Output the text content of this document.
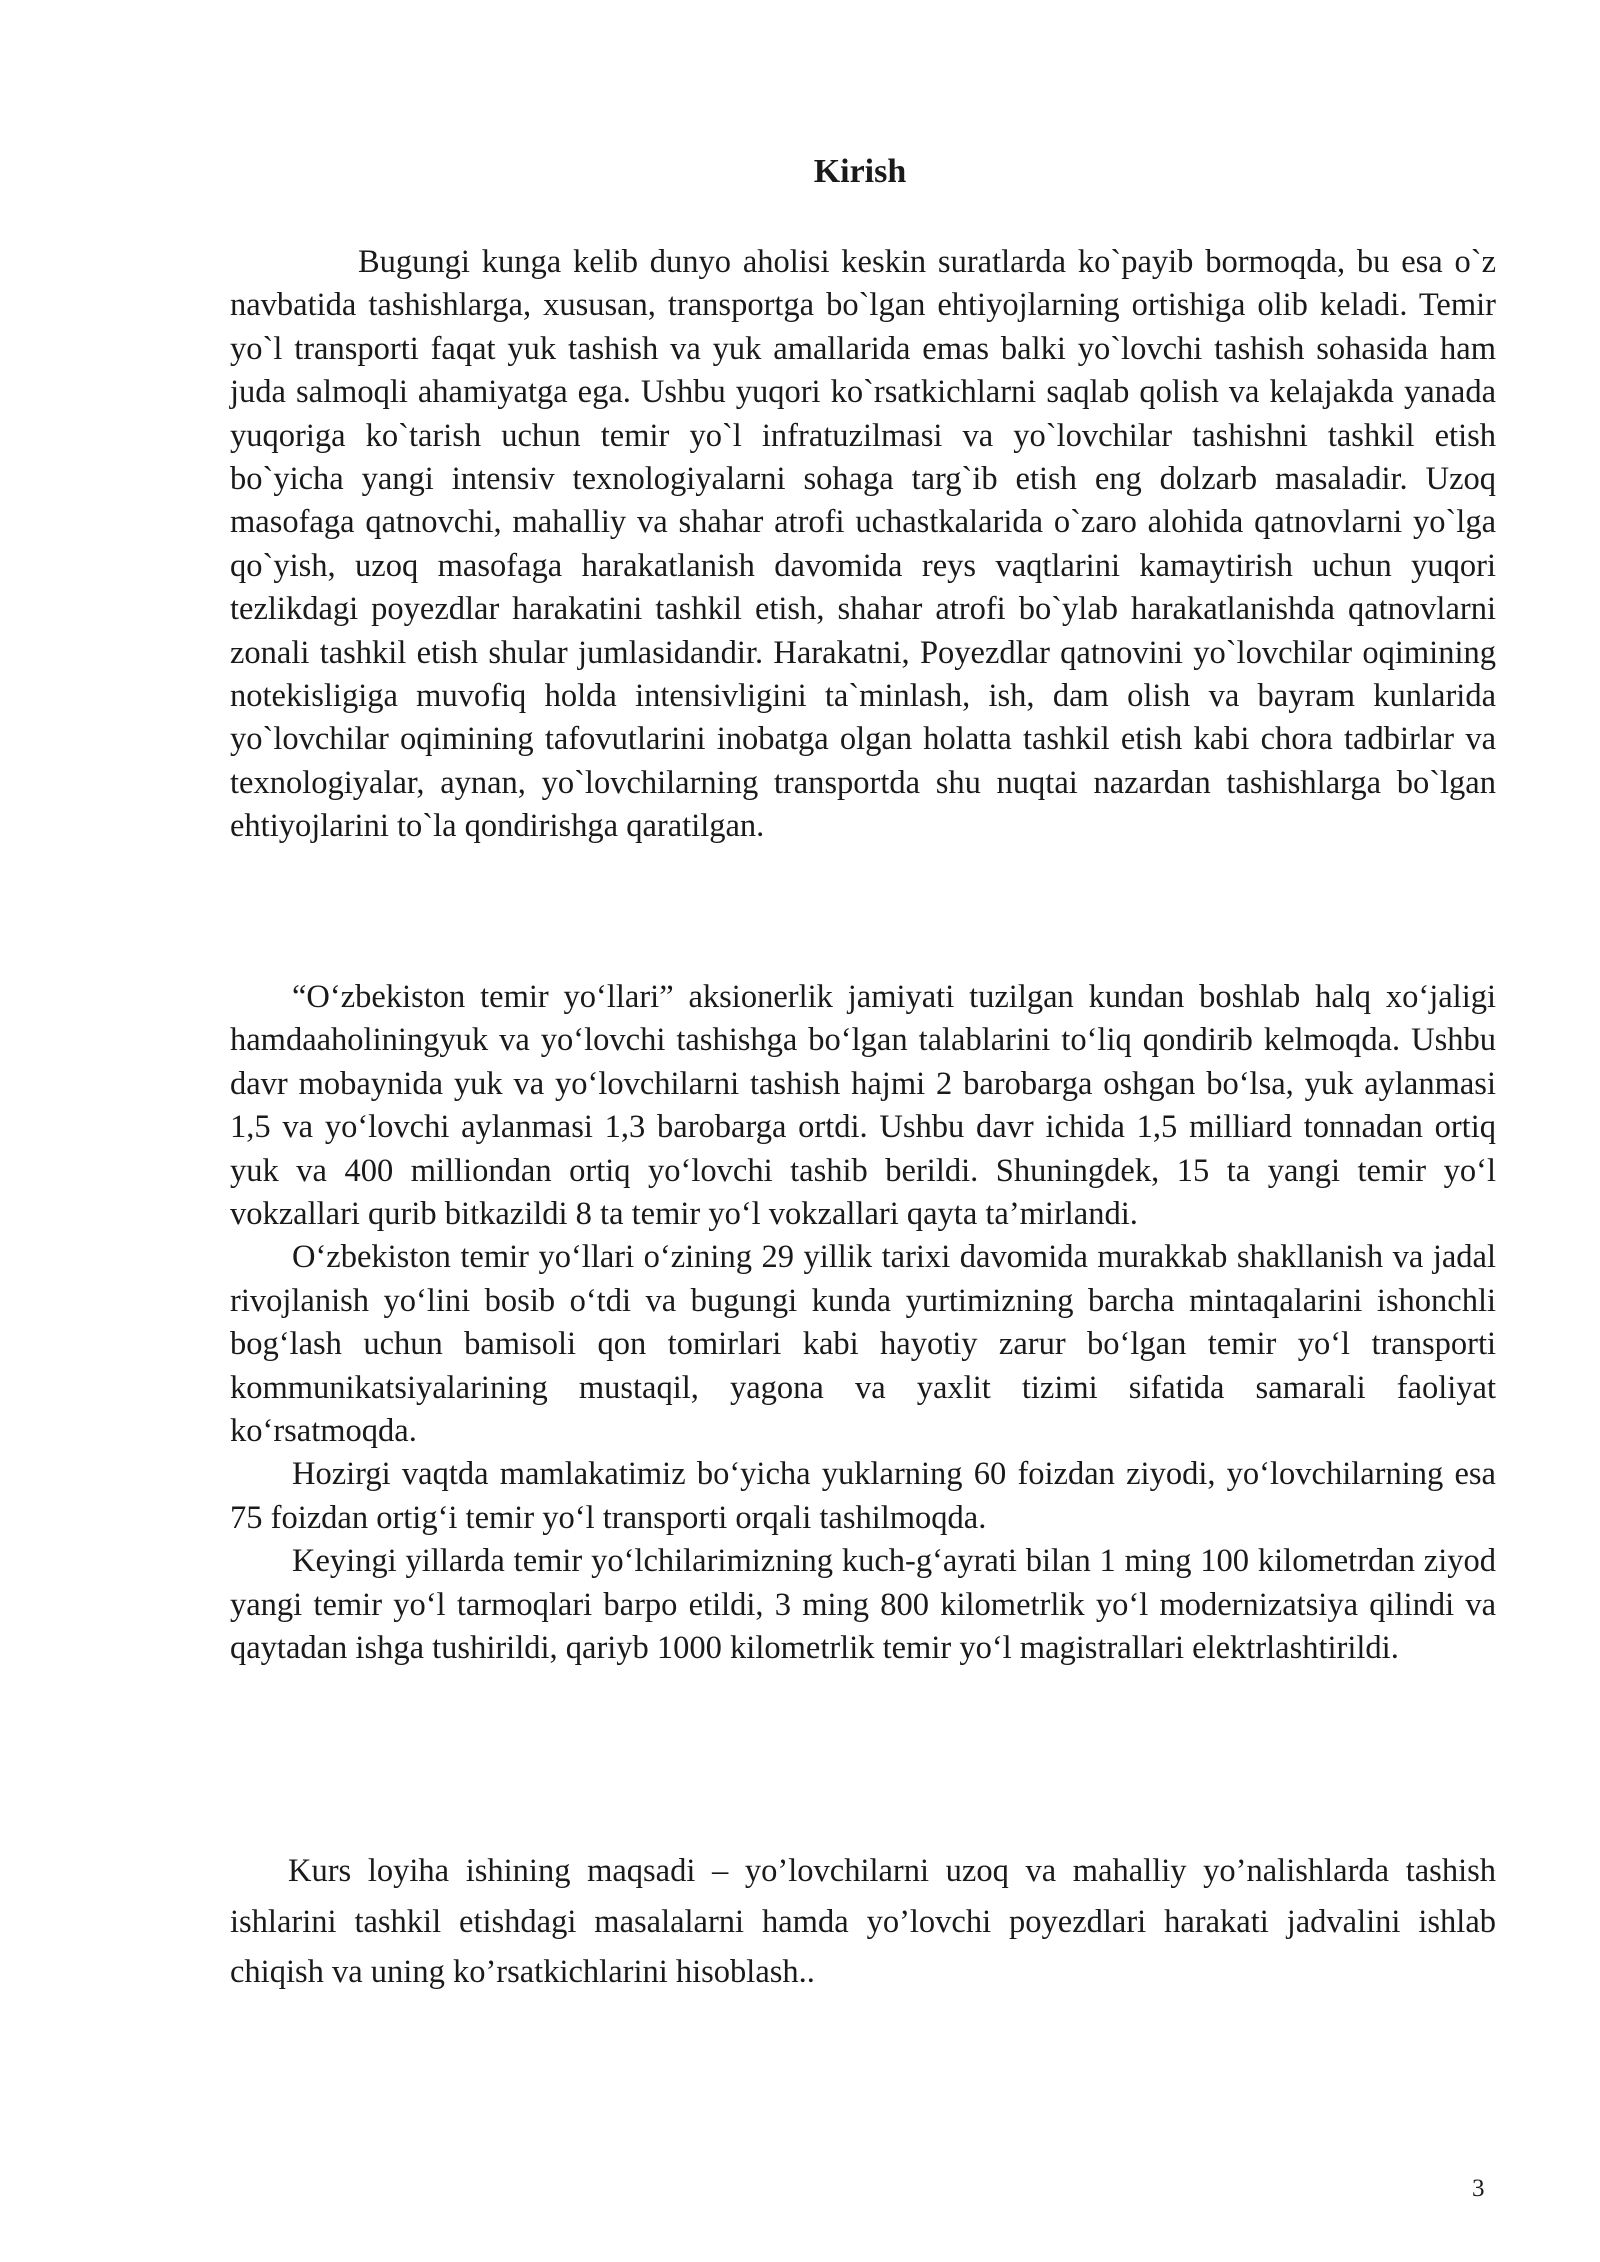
Kirish

Bugungi kunga kelib dunyo aholisi keskin suratlarda ko`payib bormoqda, bu esa o`z navbatida tashishlarga, xususan, transportga bo`lgan ehtiyojlarning ortishiga olib keladi. Temir yo`l transporti faqat yuk tashish va yuk amallarida emas balki yo`lovchi tashish sohasida ham juda salmoqli ahamiyatga ega. Ushbu yuqori ko`rsatkichlarni saqlab qolish va kelajakda yanada yuqoriga ko`tarish uchun temir yo`l infratuzilmasi va yo`lovchilar tashishni tashkil etish bo`yicha yangi intensiv texnologiyalarni sohaga targ`ib etish eng dolzarb masaladir. Uzoq masofaga qatnovchi, mahalliy va shahar atrofi uchastkalarida o`zaro alohida qatnovlarni yo`lga qo`yish, uzoq masofaga harakatlanish davomida reys vaqtlarini kamaytirish uchun yuqori tezlikdagi poyezdlar harakatini tashkil etish, shahar atrofi bo`ylab harakatlanishda qatnovlarni zonali tashkil etish shular jumlasidandir. Harakatni, Poyezdlar qatnovini yo`lovchilar oqimining notekisligiga muvofiq holda intensivligini ta`minlash, ish, dam olish va bayram kunlarida yo`lovchilar oqimining tafovutlarini inobatga olgan holatta tashkil etish kabi chora tadbirlar va texnologiyalar, aynan, yo`lovchilarning transportda shu nuqtai nazardan tashishlarga bo`lgan ehtiyojlarini to`la qondirishga qaratilgan.

“O‘zbekiston temir yo‘llari” aksionerlik jamiyati tuzilgan kundan boshlab halq xo‘jaligi hamdaaholiningyuk va yo‘lovchi tashishga bo‘lgan talablarini to‘liq qondirib kelmoqda. Ushbu davr mobaynida yuk va yo‘lovchilarni tashish hajmi 2 barobarga oshgan bo‘lsa, yuk aylanmasi 1,5 va yo‘lovchi aylanmasi 1,3 barobarga ortdi. Ushbu davr ichida 1,5 milliard tonnadan ortiq yuk va 400 milliondan ortiq yo‘lovchi tashib berildi. Shuningdek, 15 ta yangi temir yo‘l vokzallari qurib bitkazildi 8 ta temir yo‘l vokzallari qayta ta’mirlandi.

O‘zbekiston temir yo‘llari o‘zining 29 yillik tarixi davomida murakkab shakllanish va jadal rivojlanish yo‘lini bosib o‘tdi va bugungi kunda yurtimizning barcha mintaqalarini ishonchli bog‘lash uchun bamisoli qon tomirlari kabi hayotiy zarur bo‘lgan temir yo‘l transporti kommunikatsiyalarining mustaqil, yagona va yaxlit tizimi sifatida samarali faoliyat ko‘rsatmoqda.

Hozirgi vaqtda mamlakatimiz bo‘yicha yuklarning 60 foizdan ziyodi, yo‘lovchilarning esa 75 foizdan ortig‘i temir yo‘l transporti orqali tashilmoqda.

Keyingi yillarda temir yo‘lchilarimizning kuch-g‘ayrati bilan 1 ming 100 kilometrdan ziyod yangi temir yo‘l tarmoqlari barpo etildi, 3 ming 800 kilometrlik yo‘l modernizatsiya qilindi va qaytadan ishga tushirildi, qariyb 1000 kilometrlik temir yo‘l magistrallari elektrlashtirildi.

Kurs loyiha ishining maqsadi – yo’lovchilarni uzoq va mahalliy yo’nalishlarda tashish ishlarini tashkil etishdagi masalalarni hamda yo’lovchi poyezdlari harakati jadvalini ishlab chiqish va uning ko’rsatkichlarini hisoblash..

3
